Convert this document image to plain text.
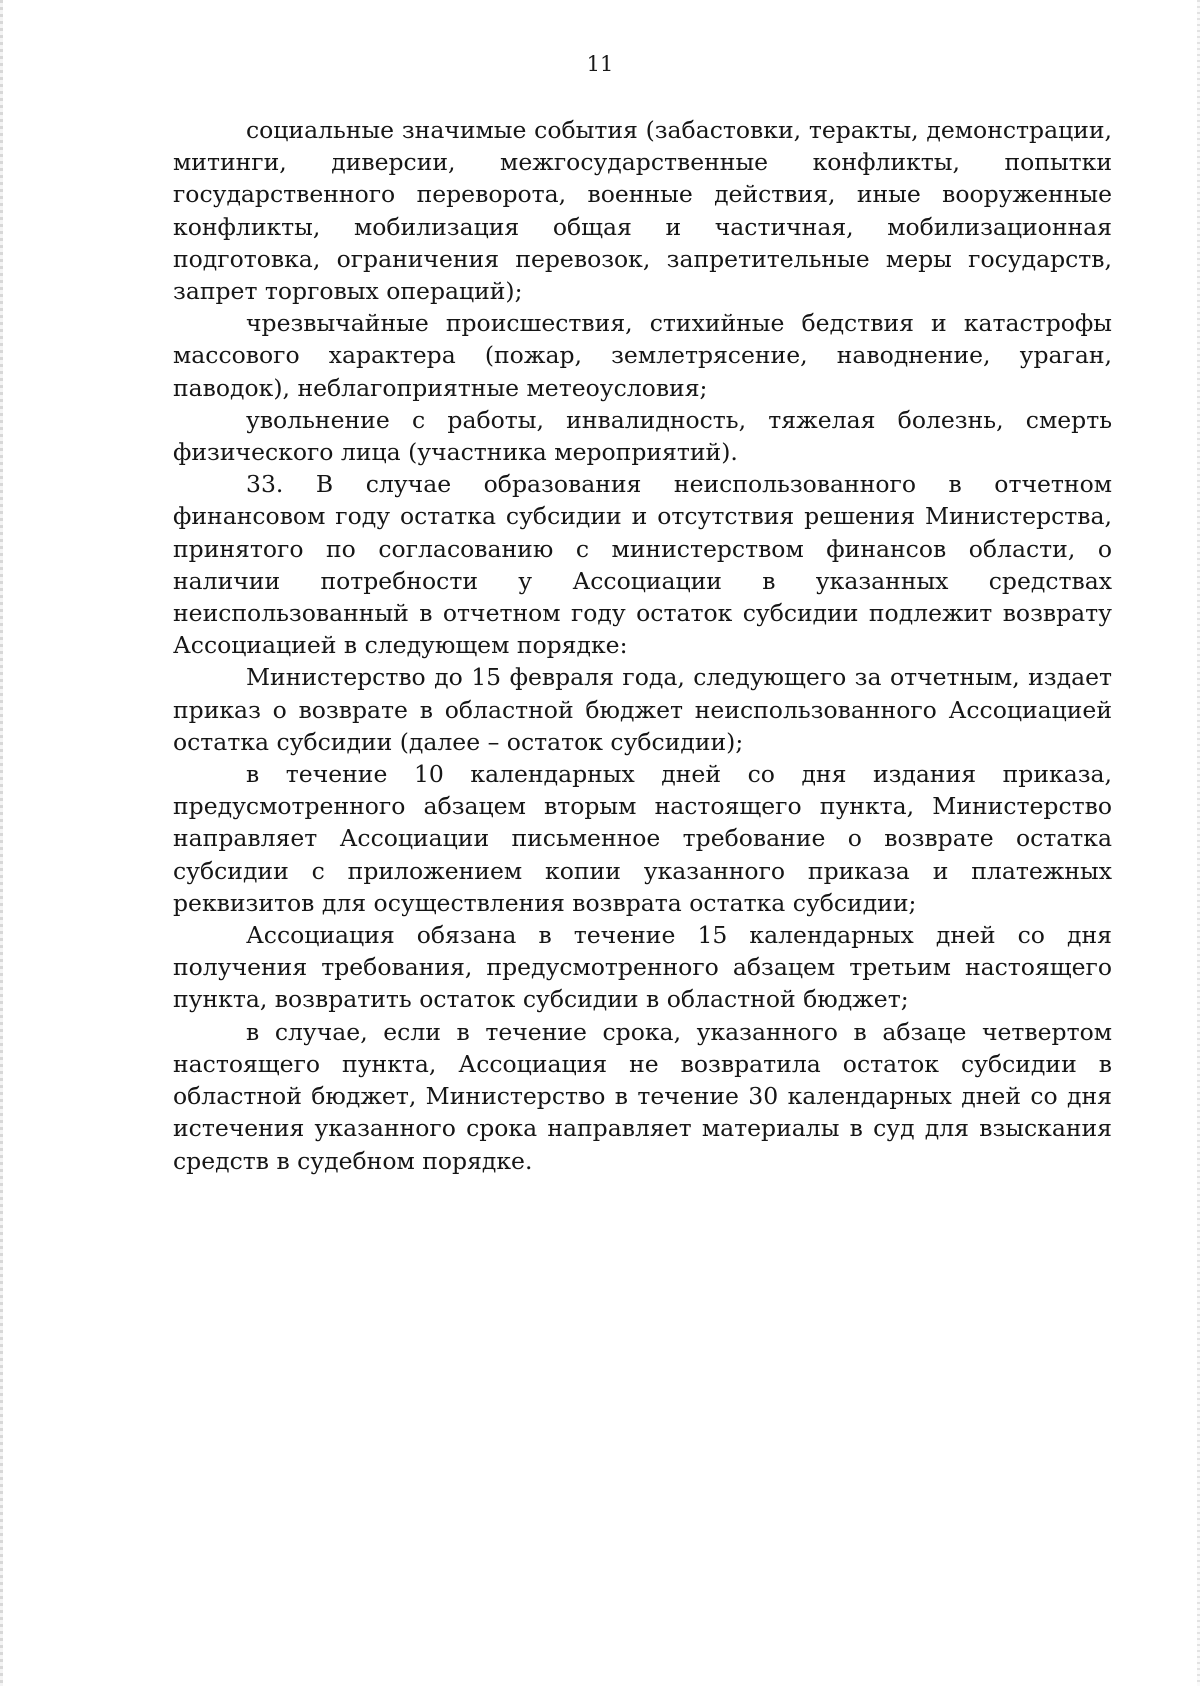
11

социальные значимые события (забастовки, теракты, демонстрации, митинги, диверсии, межгосударственные конфликты, попытки государственного переворота, военные действия, иные вооруженные конфликты, мобилизация общая и частичная, мобилизационная подготовка, ограничения перевозок, запретительные меры государств, запрет торговых операций);

чрезвычайные происшествия, стихийные бедствия и катастрофы массового характера (пожар, землетрясение, наводнение, ураган, паводок), неблагоприятные метеоусловия;

увольнение с работы, инвалидность, тяжелая болезнь, смерть физического лица (участника мероприятий).

33. В случае образования неиспользованного в отчетном финансовом году остатка субсидии и отсутствия решения Министерства, принятого по согласованию с министерством финансов области, о наличии потребности у Ассоциации в указанных средствах неиспользованный в отчетном году остаток субсидии подлежит возврату Ассоциацией в следующем порядке:

Министерство до 15 февраля года, следующего за отчетным, издает приказ о возврате в областной бюджет неиспользованного Ассоциацией остатка субсидии (далее – остаток субсидии);

в течение 10 календарных дней со дня издания приказа, предусмотренного абзацем вторым настоящего пункта, Министерство направляет Ассоциации письменное требование о возврате остатка субсидии с приложением копии указанного приказа и платежных реквизитов для осуществления возврата остатка субсидии;

Ассоциация обязана в течение 15 календарных дней со дня получения требования, предусмотренного абзацем третьим настоящего пункта, возвратить остаток субсидии в областной бюджет;

в случае, если в течение срока, указанного в абзаце четвертом настоящего пункта, Ассоциация не возвратила остаток субсидии в областной бюджет, Министерство в течение 30 календарных дней со дня истечения указанного срока направляет материалы в суд для взыскания средств в судебном порядке.
